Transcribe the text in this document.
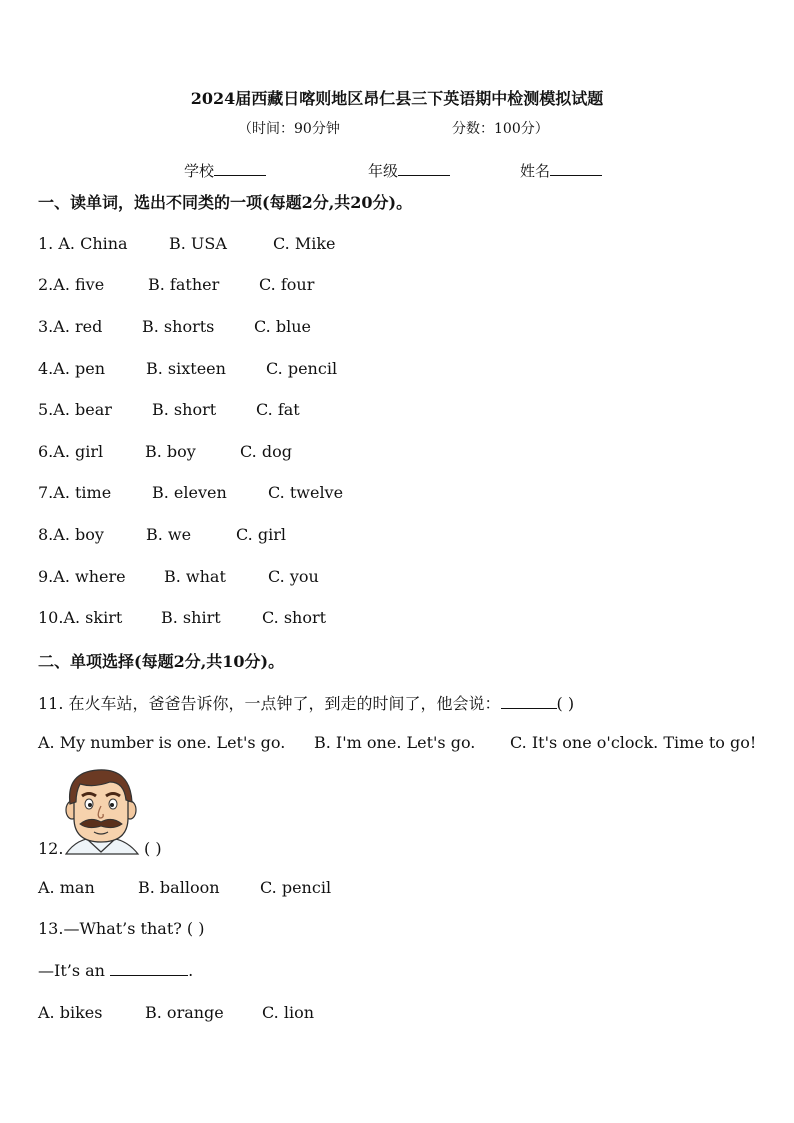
2024届西藏日喀则地区昂仁县三下英语期中检测模拟试题
（时间：90分钟	分数：100分）
学校	年级	姓名
一、读单词，选出不同类的一项(每题2分,共20分)。
1. A. China	B. USA	C. Mike
2.A. five	B. father C. four
3.A. red B. shorts C. blue
4.A. pen	B. sixteen	C. pencil
5.A. bear	B. short C. fat
6.A. girl	B. boy	C. dog
7.A. time	B. eleven	C. twelve
8.A. boy	B. we	C. girl
9.A. where B. what	C. you
10.A. skirt B. shirt	C. short
二、单项选择(每题2分,共10分)。
11. 在火车站，爸爸告诉你，一点钟了，到走的时间了，他会说：	( )
A. My number is one. Let's go. B. I'm one. Let's go. C. It's one o'clock. Time to go!
12.	( )
A. man	B. balloon	C. pencil
13.—What’s that? ( )
—It’s an	.
A. bikes	B. orange C. lion
